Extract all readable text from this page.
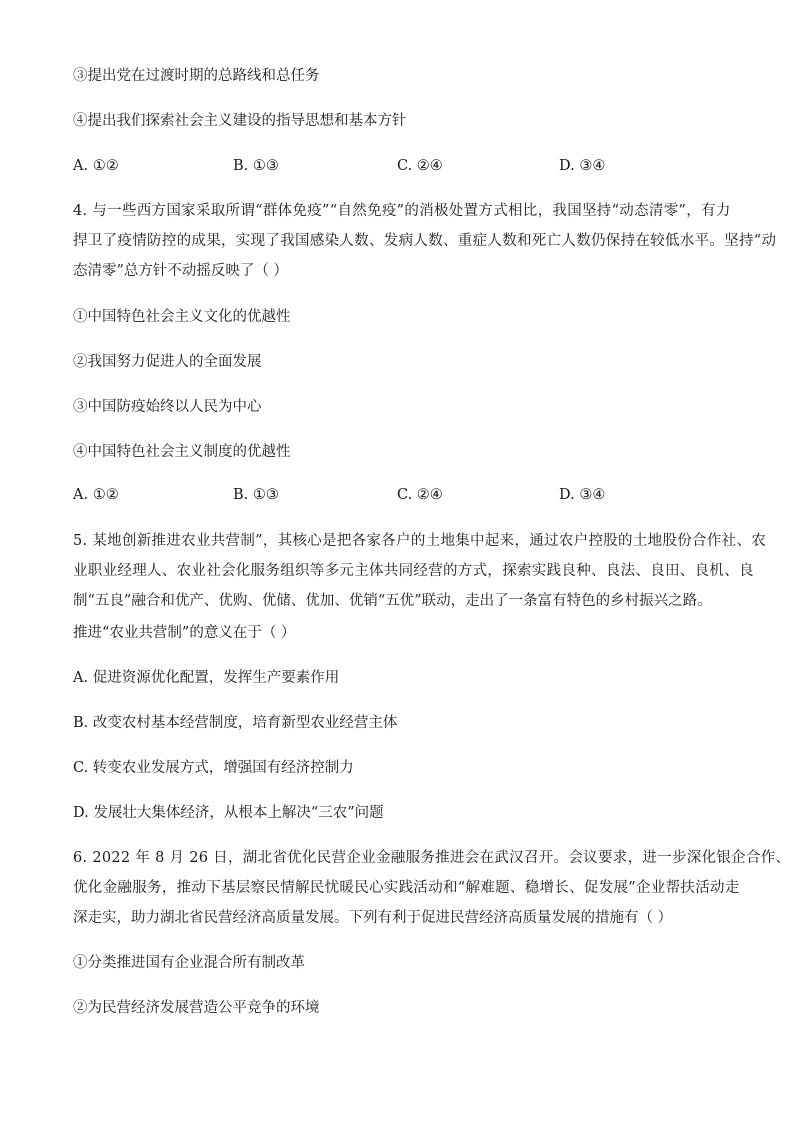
③提出党在过渡时期的总路线和总任务
④提出我们探索社会主义建设的指导思想和基本方针
A. ①②	B. ①③	C. ②④	D. ③④
4. 与一些西方国家采取所谓“群体免疫”“自然免疫”的消极处置方式相比，我国坚持“动态清零”，有力
捍卫了疫情防控的成果，实现了我国感染人数、发病人数、重症人数和死亡人数仍保持在较低水平。坚持“动
态清零”总方针不动摇反映了（ ）
①中国特色社会主义文化的优越性
②我国努力促进人的全面发展
③中国防疫始终以人民为中心
④中国特色社会主义制度的优越性
A. ①②	B. ①③	C. ②④	D. ③④
5. 某地创新推进农业共营制”，其核心是把各家各户的土地集中起来，通过农户控股的土地股份合作社、农
业职业经理人、农业社会化服务组织等多元主体共同经营的方式，探索实践良种、良法、良田、良机、良
制“五良”融合和优产、优购、优储、优加、优销“五优”联动，走出了一条富有特色的乡村振兴之路。
推进“农业共营制”的意义在于（ ）
A. 促进资源优化配置，发挥生产要素作用
B. 改变农村基本经营制度，培育新型农业经营主体
C. 转变农业发展方式，增强国有经济控制力
D. 发展壮大集体经济，从根本上解决“三农”问题
6. 2022 年 8 月 26 日，湖北省优化民营企业金融服务推进会在武汉召开。会议要求，进一步深化银企合作、
优化金融服务，推动下基层察民情解民忧暖民心实践活动和“解难题、稳增长、促发展”企业帮扶活动走
深走实，助力湖北省民营经济高质量发展。下列有利于促进民营经济高质量发展的措施有（ ）
①分类推进国有企业混合所有制改革
②为民营经济发展营造公平竞争的环境
